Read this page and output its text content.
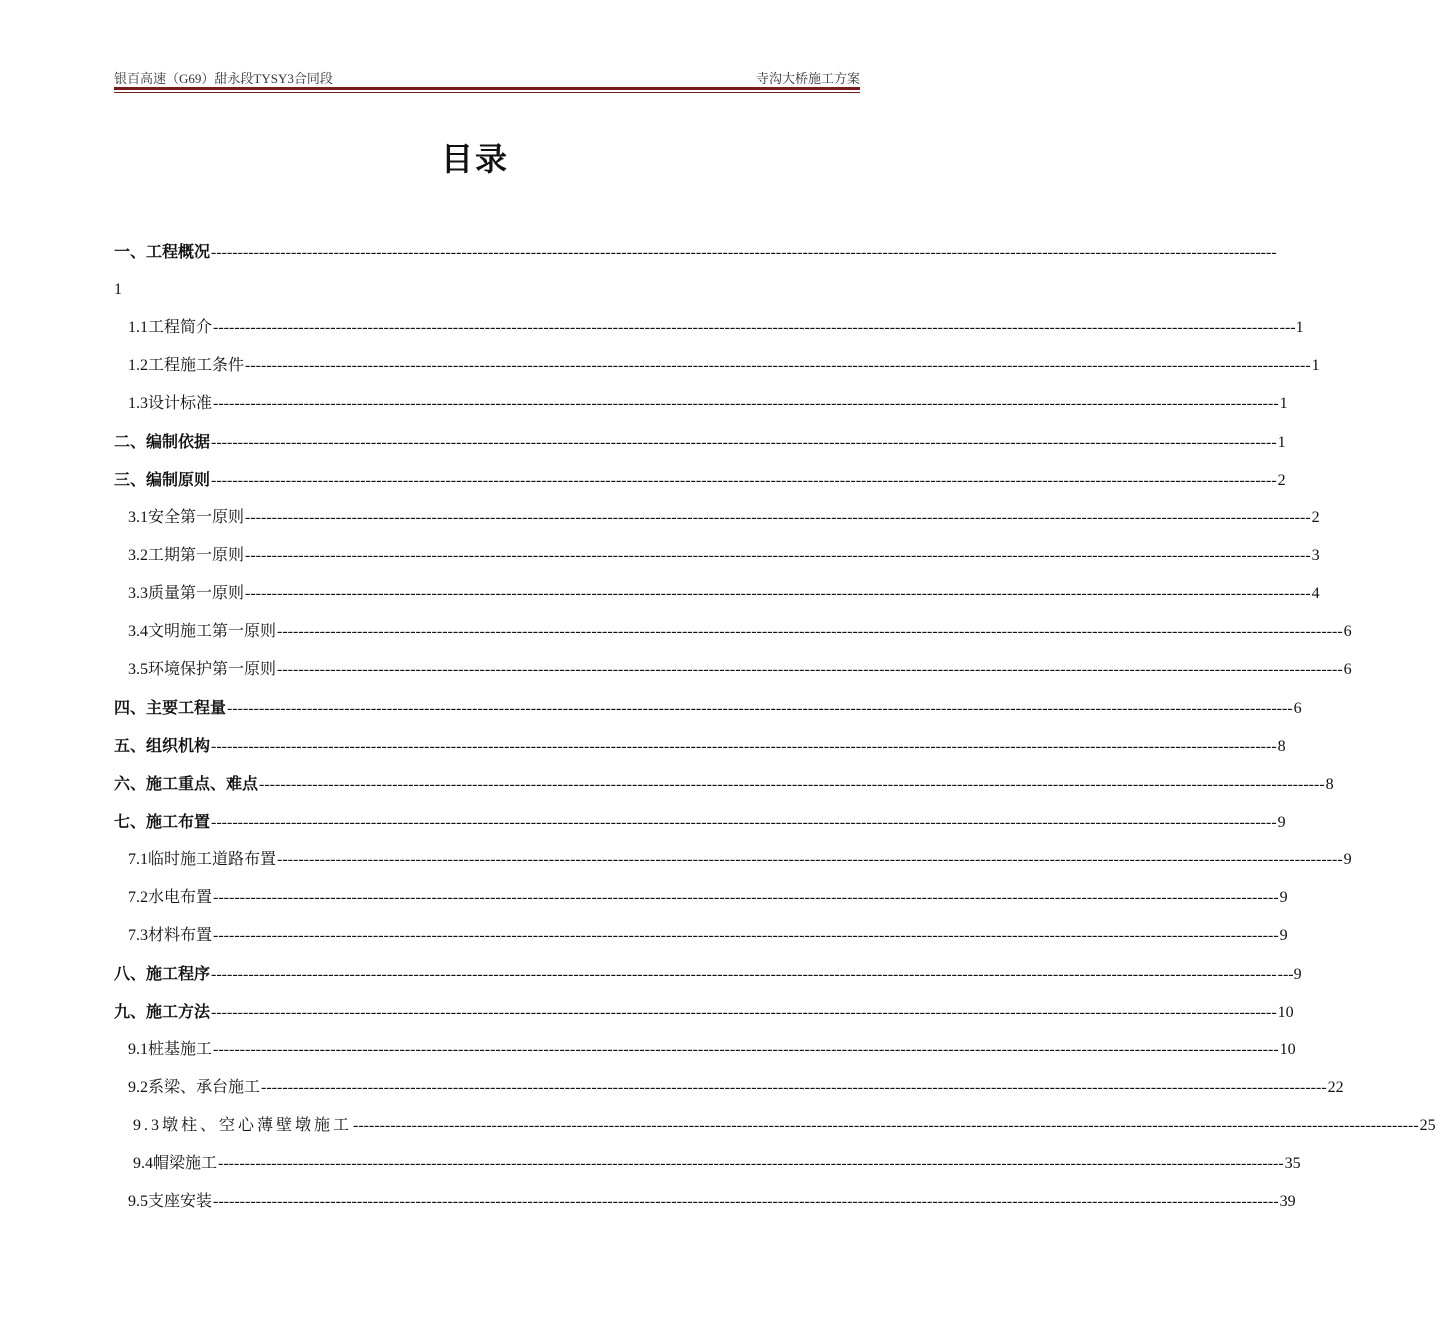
银百高速（G69）甜永段TYSY3合同段	寺沟大桥施工方案
目录
一、工程概况 --------------------------------------------------------------------------------------------------------------------------------------------------------------------------------------------------------
1.1工程简介 -------------------------------------------------------------------------------------------------------------------------------------------------------------------------------------------------------- ---1
1.2工程施工条件 -------------------------------------------------------------------------------------------------------------------------------------------------------------------------------------------------------- 1
1.3设计标准 -------------------------------------------------------------------------------------------------------------------------------------------------------------------------------------------------------- 1
二、编制依据 -------------------------------------------------------------------------------------------------------------------------------------------------------------------------------------------------------- 1
三、编制原则 -------------------------------------------------------------------------------------------------------------------------------------------------------------------------------------------------------- 2
3.1安全第一原则 -------------------------------------------------------------------------------------------------------------------------------------------------------------------------------------------------------- 2
3.2工期第一原则 -------------------------------------------------------------------------------------------------------------------------------------------------------------------------------------------------------- 3
3.3质量第一原则 -------------------------------------------------------------------------------------------------------------------------------------------------------------------------------------------------------- 4
3.4文明施工第一原则 -------------------------------------------------------------------------------------------------------------------------------------------------------------------------------------------------------- 6
3.5环境保护第一原则 -------------------------------------------------------------------------------------------------------------------------------------------------------------------------------------------------------- 6
四、主要工程量 -------------------------------------------------------------------------------------------------------------------------------------------------------------------------------------------------------- 6
五、组织机构 -------------------------------------------------------------------------------------------------------------------------------------------------------------------------------------------------------- 8
六、施工重点、难点 -------------------------------------------------------------------------------------------------------------------------------------------------------------------------------------------------------- 8
七、施工布置 -------------------------------------------------------------------------------------------------------------------------------------------------------------------------------------------------------- 9
7.1临时施工道路布置 -------------------------------------------------------------------------------------------------------------------------------------------------------------------------------------------------------- 9
7.2水电布置 -------------------------------------------------------------------------------------------------------------------------------------------------------------------------------------------------------- 9
7.3材料布置 -------------------------------------------------------------------------------------------------------------------------------------------------------------------------------------------------------- 9
八、施工程序 -------------------------------------------------------------------------------------------------------------------------------------------------------------------------------------------------------- ---9
九、施工方法 -------------------------------------------------------------------------------------------------------------------------------------------------------------------------------------------------------- 10
9.1桩基施工 -------------------------------------------------------------------------------------------------------------------------------------------------------------------------------------------------------- 10
9.2系梁、承台施工 -------------------------------------------------------------------------------------------------------------------------------------------------------------------------------------------------------- 22
9.3墩柱、空心薄壁墩施工 -------------------------------------------------------------------------------------------------------------------------------------------------------------------------------------------------------- 25
9.4帽梁施工 -------------------------------------------------------------------------------------------------------------------------------------------------------------------------------------------------------- 35
9.5支座安装 -------------------------------------------------------------------------------------------------------------------------------------------------------------------------------------------------------- 39
1
